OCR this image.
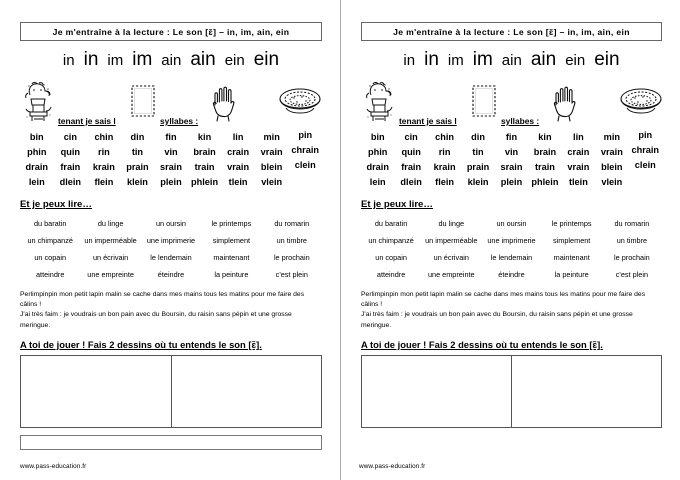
Je m'entraîne à la lecture : Le son [ɛ̃] – in, im, ain, ein
in in im im ain ain ein ein
tenant je sais l	syllabes :
bin	cin	chin	din	fin	kin	lin	min	pin
phin	quin	rin	tin	vin	brain	crain	vrain chrain
drain	frain	krain	prain	srain	train	vrain	blein	clein
lein	dlein	flein	klein	plein	phlein	tlein	vlein
Et je peux lire…
du baratin	du linge	un oursin	le printemps	du romarin
un chimpanzé	un imperméable	une imprimerie	simplement	un timbre
un copain	un écrivain	le lendemain	maintenant	le prochain
atteindre	une empreinte	éteindre	la peinture	c'est plein

Perlimpinpin mon petit lapin malin se cache dans mes mains tous les matins pour me faire des câlins !

J'ai très faim : je voudrais un bon pain avec du Boursin, du raisin sans pépin et une grosse meringue.

A toi de jouer ! Fais 2 dessins où tu entends le son [ɛ̃].
www.pass-education.fr
Je m'entraîne à la lecture : Le son [ɛ̃] – in, im, ain, ein
in in im im ain ain ein ein
tenant je sais l	syllabes :
bin	cin	chin	din	fin	kin	lin	min	pin
phin	quin	rin	tin	vin	brain	crain	vrain chrain
drain	frain	krain	prain	srain	train	vrain	blein	clein
lein	dlein	flein	klein	plein phlein	tlein	vlein
Et je peux lire…
du baratin	du linge	un oursin	le printemps	du romarin
un chimpanzé	un imperméable	une imprimerie	simplement	un timbre
un copain	un écrivain	le lendemain	maintenant	le prochain
atteindre	une empreinte	éteindre	la peinture	c'est plein

Perlimpinpin mon petit lapin malin se cache dans mes mains tous les matins pour me faire des câlins !

J'ai très faim : je voudrais un bon pain avec du Boursin, du raisin sans pépin et une grosse meringue.

A toi de jouer ! Fais 2 dessins où tu entends le son [ɛ̃].
www.pass-education.fr
